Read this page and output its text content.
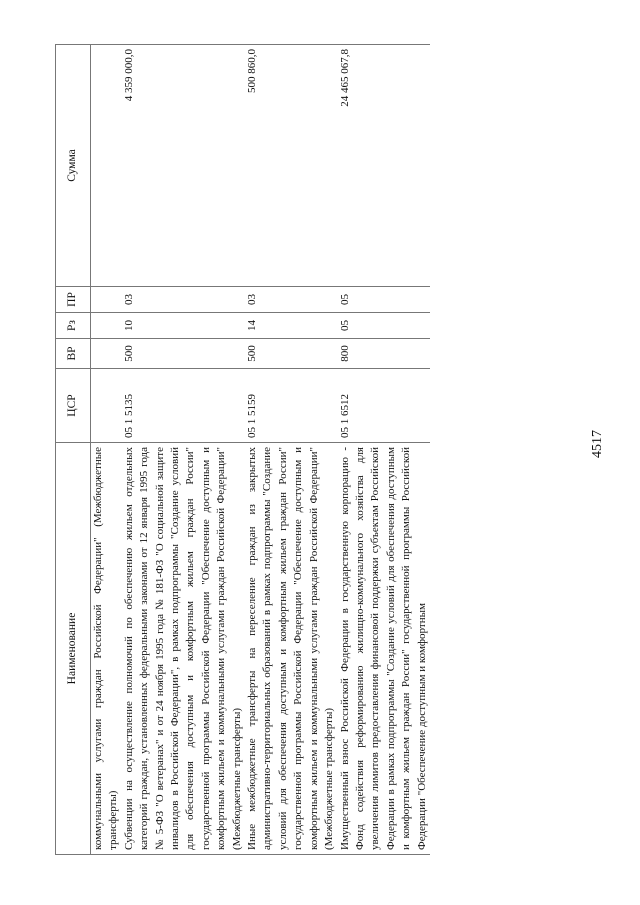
4517
Наименование	ЦСР	ВР	Рз	ПР	Сумма
коммунальными услугами граждан Российской Федерации" (Межбюджетные трансферты)					
Субвенции на осуществление полномочий по обеспечению жильем отдельных категорий граждан, установленных федеральными законами от 12 января 1995 года № 5-ФЗ "О ветеранах" и от 24 ноября 1995 года № 181-ФЗ "О социальной защите инвалидов в Российской Федерации", в рамках подпрограммы "Создание условий для обеспечения доступным и комфортным жильем граждан России" государственной программы Российской Федерации "Обеспечение доступным и комфортным жильем и коммунальными услугами граждан Российской Федерации" (Межбюджетные трансферты)	05 1 5135	500	10	03	4 359 000,0
Иные межбюджетные трансферты на переселение граждан из закрытых административно-территориальных образований в рамках подпрограммы "Создание условий для обеспечения доступным и комфортным жильем граждан России" государственной программы Российской Федерации "Обеспечение доступным и комфортным жильем и коммунальными услугами граждан Российской Федерации" (Межбюджетные трансферты)	05 1 5159	500	14	03	500 860,0
Имущественный взнос Российской Федерации в государственную корпорацию - Фонд содействия реформированию жилищно-коммунального хозяйства для увеличения лимитов предоставления финансовой поддержки субъектам Российской Федерации в рамках подпрограммы "Создание условий для обеспечения доступным и комфортным жильем граждан России" государственной программы Российской Федерации "Обеспечение доступным и комфортным	05 1 6512	800	05	05	24 465 067,8
